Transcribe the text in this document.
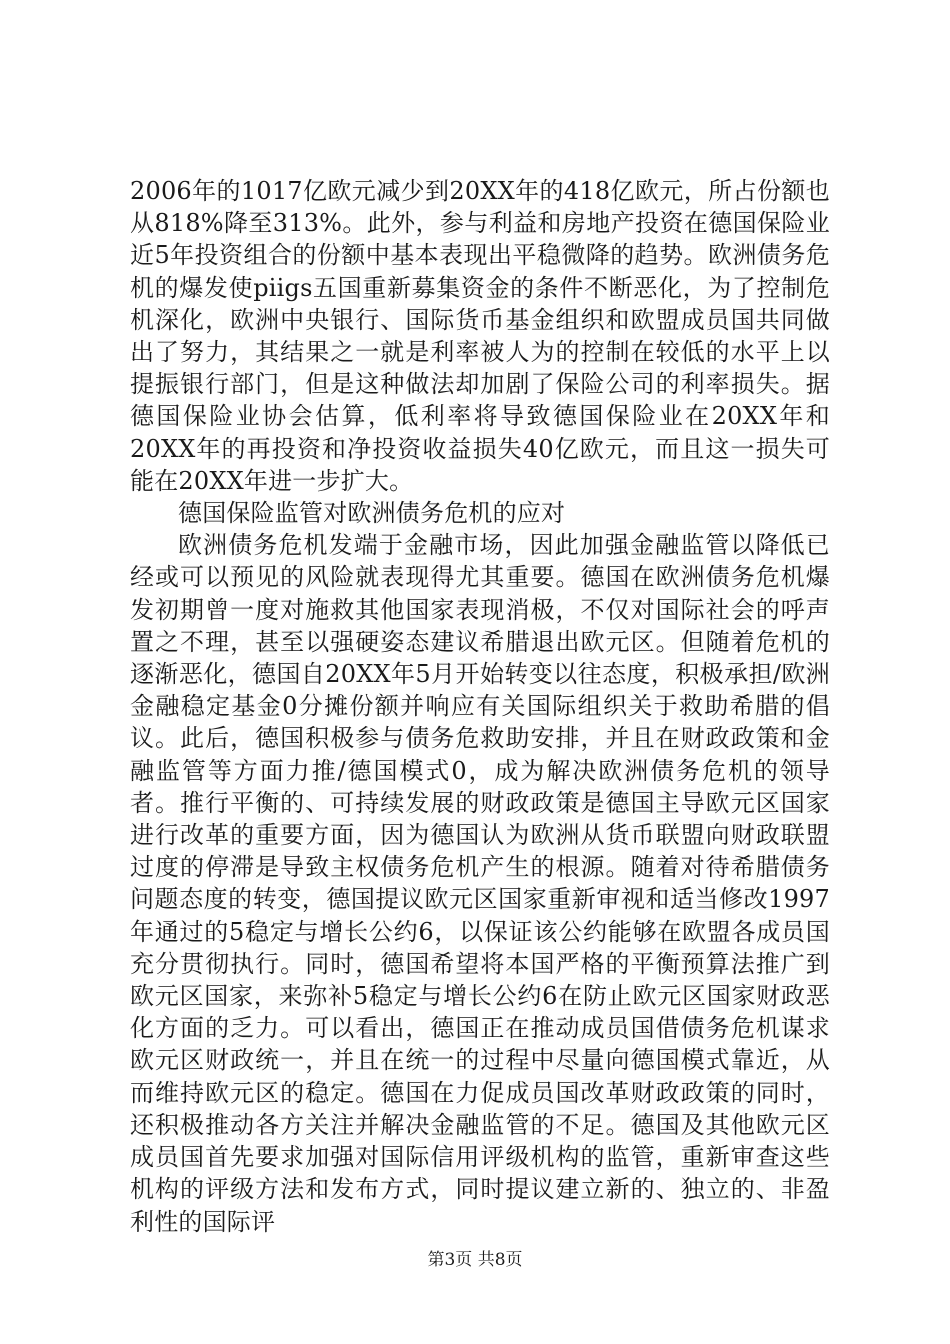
2006年的1017亿欧元减少到20XX年的418亿欧元，所占份额也从818%降至313%。此外，参与利益和房地产投资在德国保险业近5年投资组合的份额中基本表现出平稳微降的趋势。欧洲债务危机的爆发使piigs五国重新募集资金的条件不断恶化，为了控制危机深化，欧洲中央银行、国际货币基金组织和欧盟成员国共同做出了努力，其结果之一就是利率被人为的控制在较低的水平上以提振银行部门，但是这种做法却加剧了保险公司的利率损失。据德国保险业协会估算，低利率将导致德国保险业在20XX年和20XX年的再投资和净投资收益损失40亿欧元，而且这一损失可能在20XX年进一步扩大。

德国保险监管对欧洲债务危机的应对

欧洲债务危机发端于金融市场，因此加强金融监管以降低已经或可以预见的风险就表现得尤其重要。德国在欧洲债务危机爆发初期曾一度对施救其他国家表现消极，不仅对国际社会的呼声置之不理，甚至以强硬姿态建议希腊退出欧元区。但随着危机的逐渐恶化，德国自20XX年5月开始转变以往态度，积极承担/欧洲金融稳定基金0分摊份额并响应有关国际组织关于救助希腊的倡议。此后，德国积极参与债务危救助安排，并且在财政政策和金融监管等方面力推/德国模式0，成为解决欧洲债务危机的领导者。推行平衡的、可持续发展的财政政策是德国主导欧元区国家进行改革的重要方面，因为德国认为欧洲从货币联盟向财政联盟过度的停滞是导致主权债务危机产生的根源。随着对待希腊债务问题态度的转变，德国提议欧元区国家重新审视和适当修改1997年通过的5稳定与增长公约6，以保证该公约能够在欧盟各成员国充分贯彻执行。同时，德国希望将本国严格的平衡预算法推广到欧元区国家，来弥补5稳定与增长公约6在防止欧元区国家财政恶化方面的乏力。可以看出，德国正在推动成员国借债务危机谋求欧元区财政统一，并且在统一的过程中尽量向德国模式靠近，从而维持欧元区的稳定。德国在力促成员国改革财政政策的同时，还积极推动各方关注并解决金融监管的不足。德国及其他欧元区成员国首先要求加强对国际信用评级机构的监管，重新审查这些机构的评级方法和发布方式，同时提议建立新的、独立的、非盈利性的国际评

第3页 共8页
